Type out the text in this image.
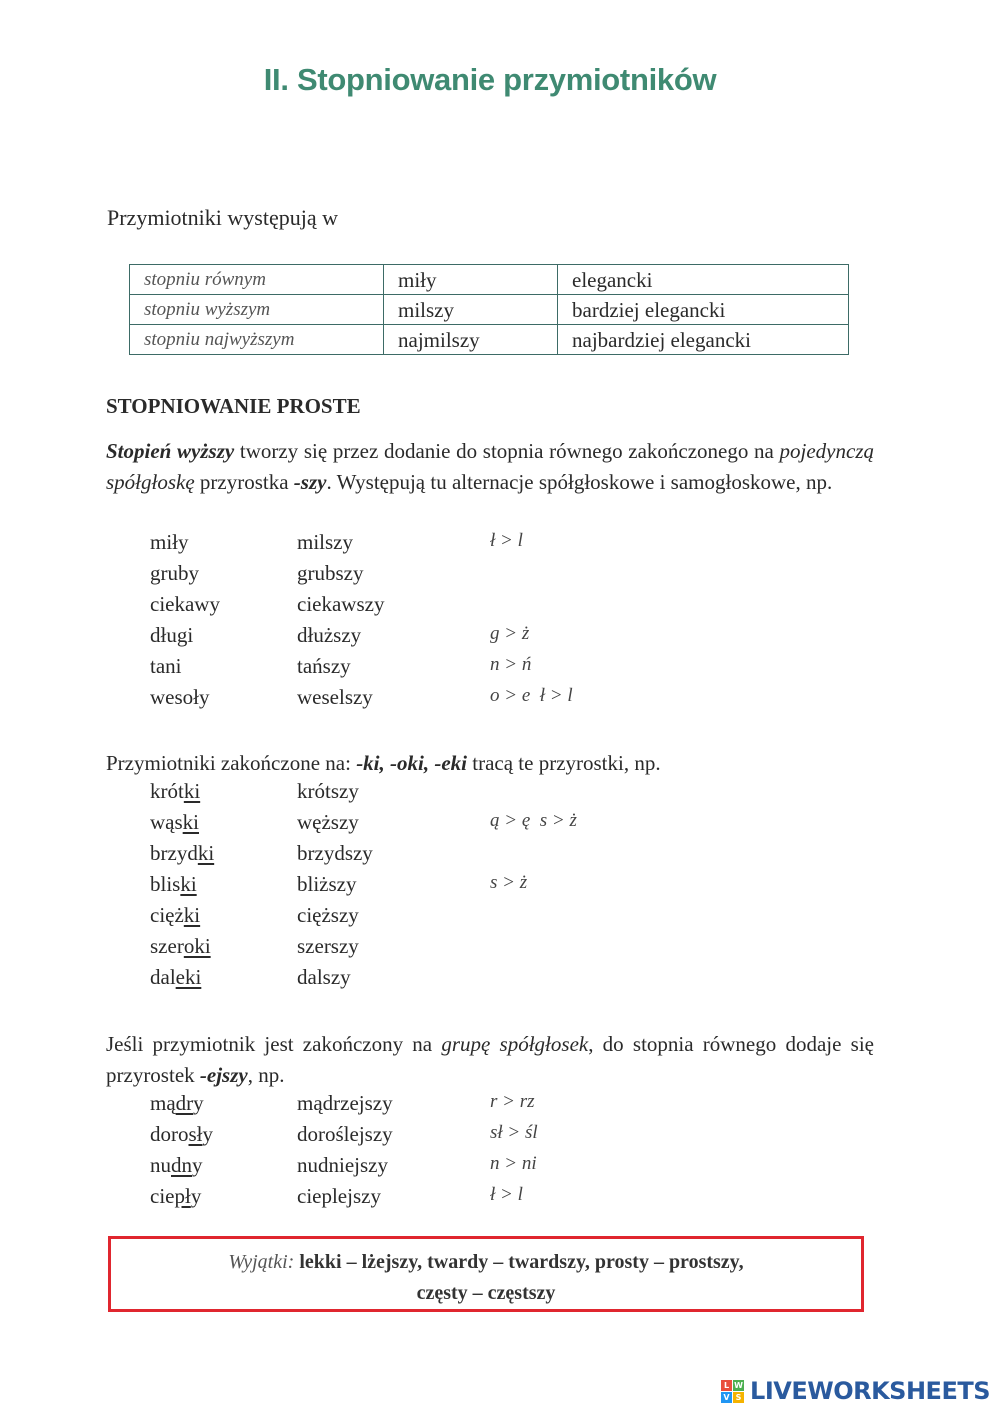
II. Stopniowanie przymiotników
Przymiotniki występują w
stopniu równym	miły	elegancki
stopniu wyższym	milszy	bardziej elegancki
stopniu najwyższym	najmilszy	najbardziej elegancki
STOPNIOWANIE PROSTE
Stopień wyższy tworzy się przez dodanie do stopnia równego zakończonego na pojedynczą spółgłoskę przyrostka -szy. Występują tu alternacje spółgłoskowe i samogłoskowe, np.
miły	milszy	ł > l
gruby	grubszy
ciekawy	ciekawszy
długi	dłuższy	g > ż
tani	tańszy	n > ń
wesoły	weselszy	o > e  ł > l
Przymiotniki zakończone na: -ki, -oki, -eki tracą te przyrostki, np.
krótki	krótszy
wąski	węższy	ą > ę  s > ż
brzydki	brzydszy
bliski	bliższy	s > ż
ciężki	cięższy
szeroki	szerszy
daleki	dalszy
Jeśli przymiotnik jest zakończony na grupę spółgłosek, do stopnia równego dodaje się przyrostek -ejszy, np.
mądry	mądrzejszy	r > rz
dorosły	doroślejszy	sł > śl
nudny	nudniejszy	n > ni
ciepły	cieplejszy	ł > l
Wyjątki: lekki – lżejszy, twardy – twardszy, prosty – prostszy,
częsty – częstszy
L W
V S LIVEWORKSHEETS
